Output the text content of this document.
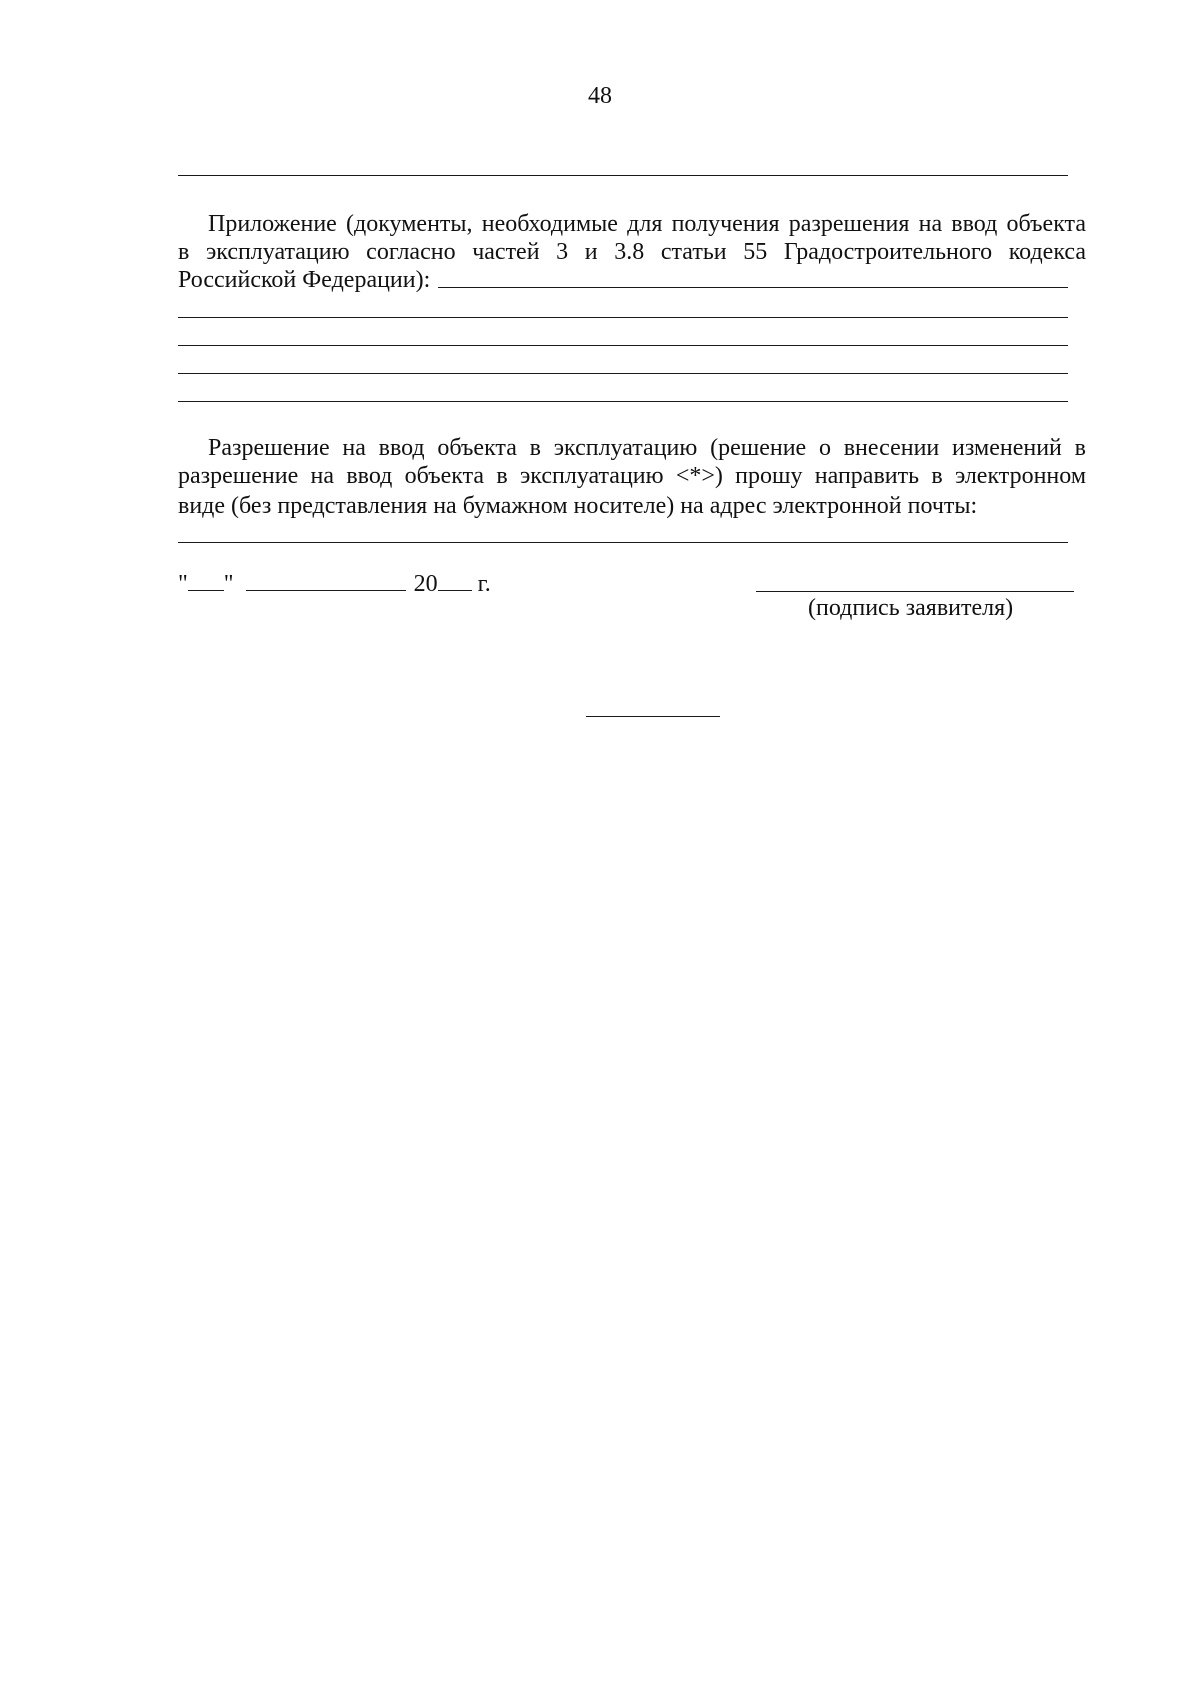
48
Приложение (документы, необходимые для получения разрешения на ввод объекта
в эксплуатацию согласно частей 3 и 3.8 статьи 55 Градостроительного кодекса
Российской Федерации):
Разрешение на ввод объекта в эксплуатацию (решение о внесении изменений в
разрешение на ввод объекта в эксплуатацию <*>) прошу направить в электронном
виде (без представления на бумажном носителе) на адрес электронной почты:
" "	20 г.
(подпись заявителя)
